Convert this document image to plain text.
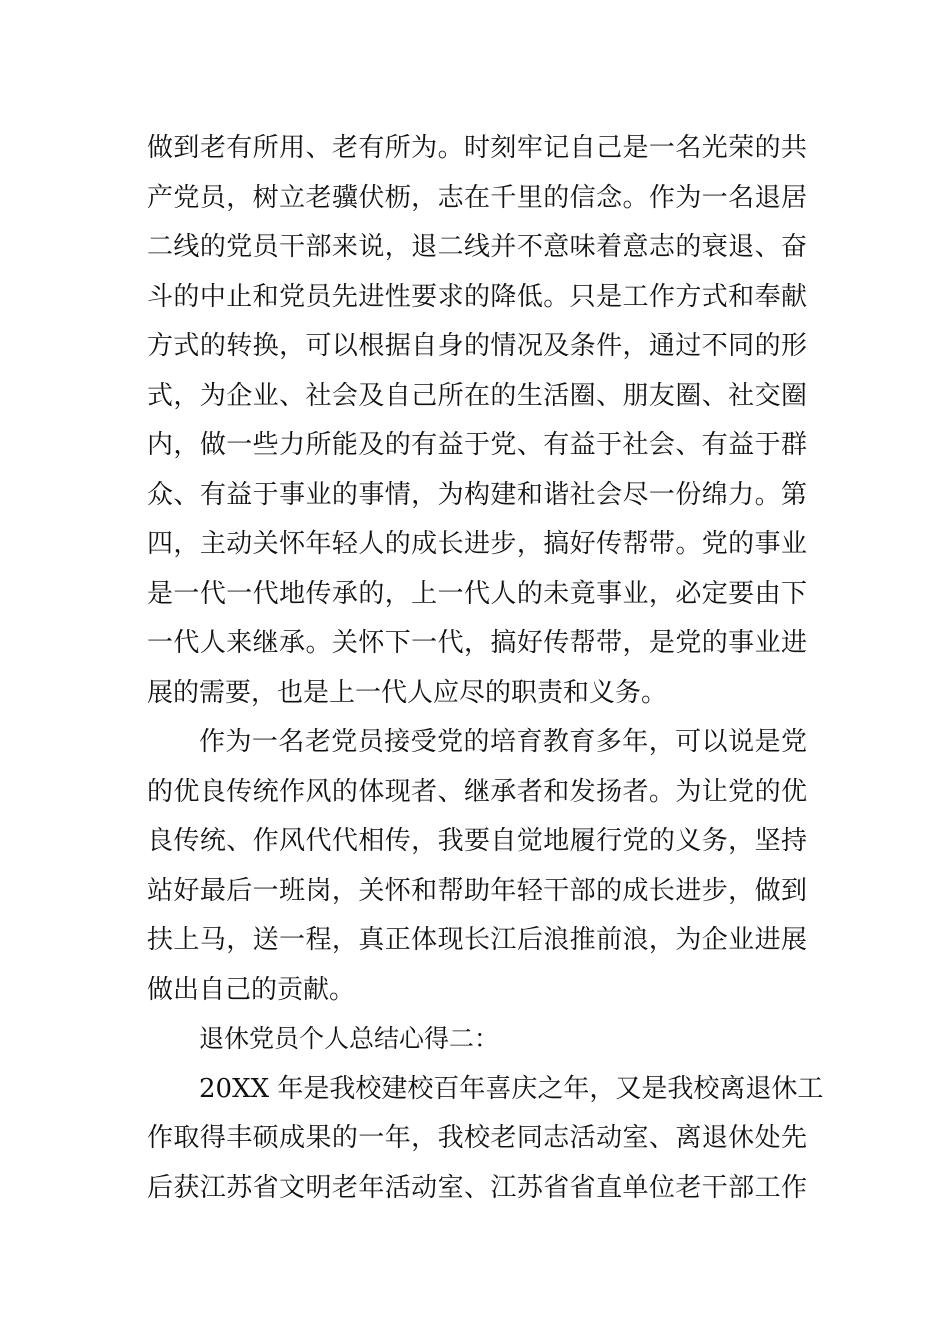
做到老有所用、老有所为。时刻牢记自己是一名光荣的共
产党员，树立老骥伏枥，志在千里的信念。作为一名退居
二线的党员干部来说，退二线并不意味着意志的衰退、奋
斗的中止和党员先进性要求的降低。只是工作方式和奉献
方式的转换，可以根据自身的情况及条件，通过不同的形
式，为企业、社会及自己所在的生活圈、朋友圈、社交圈
内，做一些力所能及的有益于党、有益于社会、有益于群
众、有益于事业的事情，为构建和谐社会尽一份绵力。第
四，主动关怀年轻人的成长进步，搞好传帮带。党的事业
是一代一代地传承的，上一代人的未竟事业，必定要由下
一代人来继承。关怀下一代，搞好传帮带，是党的事业进
展的需要，也是上一代人应尽的职责和义务。
作为一名老党员接受党的培育教育多年，可以说是党
的优良传统作风的体现者、继承者和发扬者。为让党的优
良传统、作风代代相传，我要自觉地履行党的义务，坚持
站好最后一班岗，关怀和帮助年轻干部的成长进步，做到
扶上马，送一程，真正体现长江后浪推前浪，为企业进展
做出自己的贡献。
退休党员个人总结心得二：
20XX 年是我校建校百年喜庆之年，又是我校离退休工
作取得丰硕成果的一年，我校老同志活动室、离退休处先
后获江苏省文明老年活动室、江苏省省直单位老干部工作
